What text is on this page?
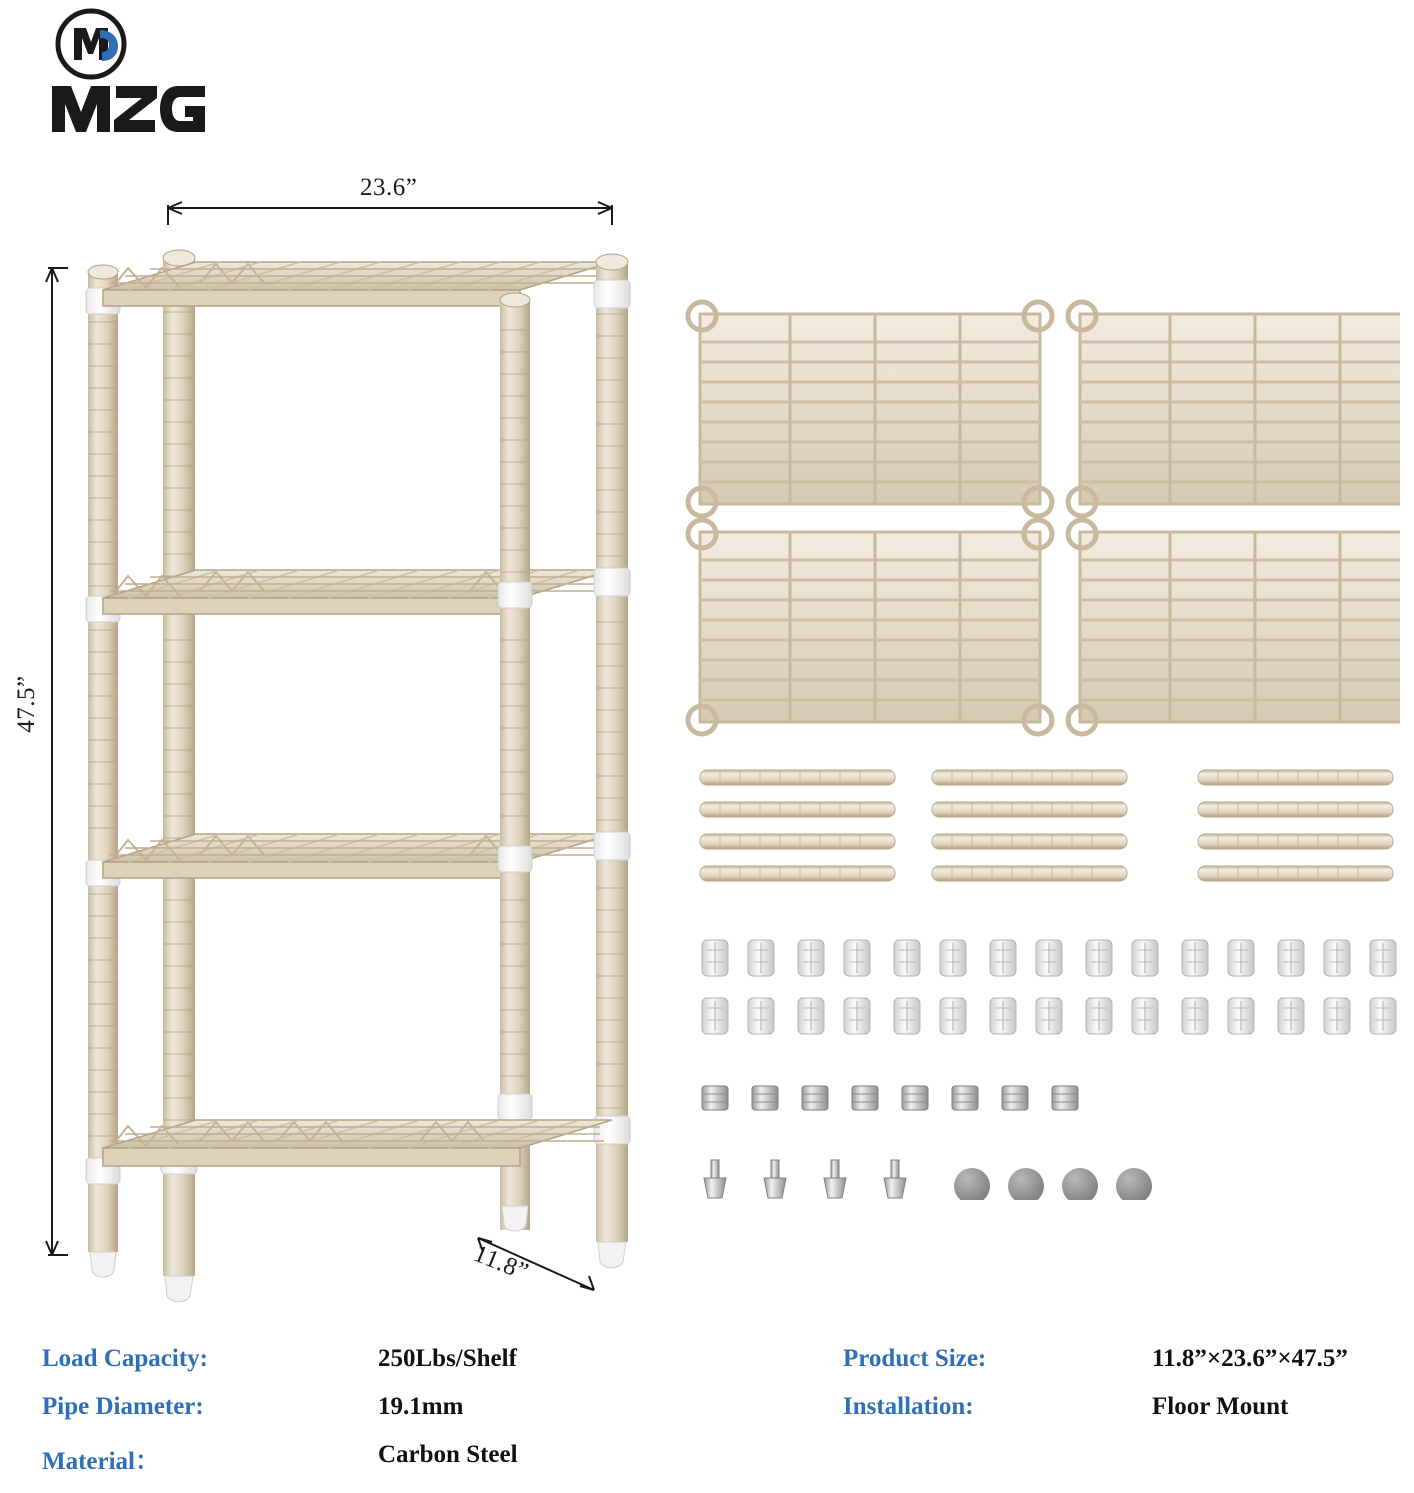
23.6”
47.5”
11.8”
Load Capacity:	250Lbs/Shelf	Product Size:	11.8”×23.6”×47.5”
Pipe Diameter:	19.1mm	Installation:	Floor Mount
Material：	Carbon Steel
